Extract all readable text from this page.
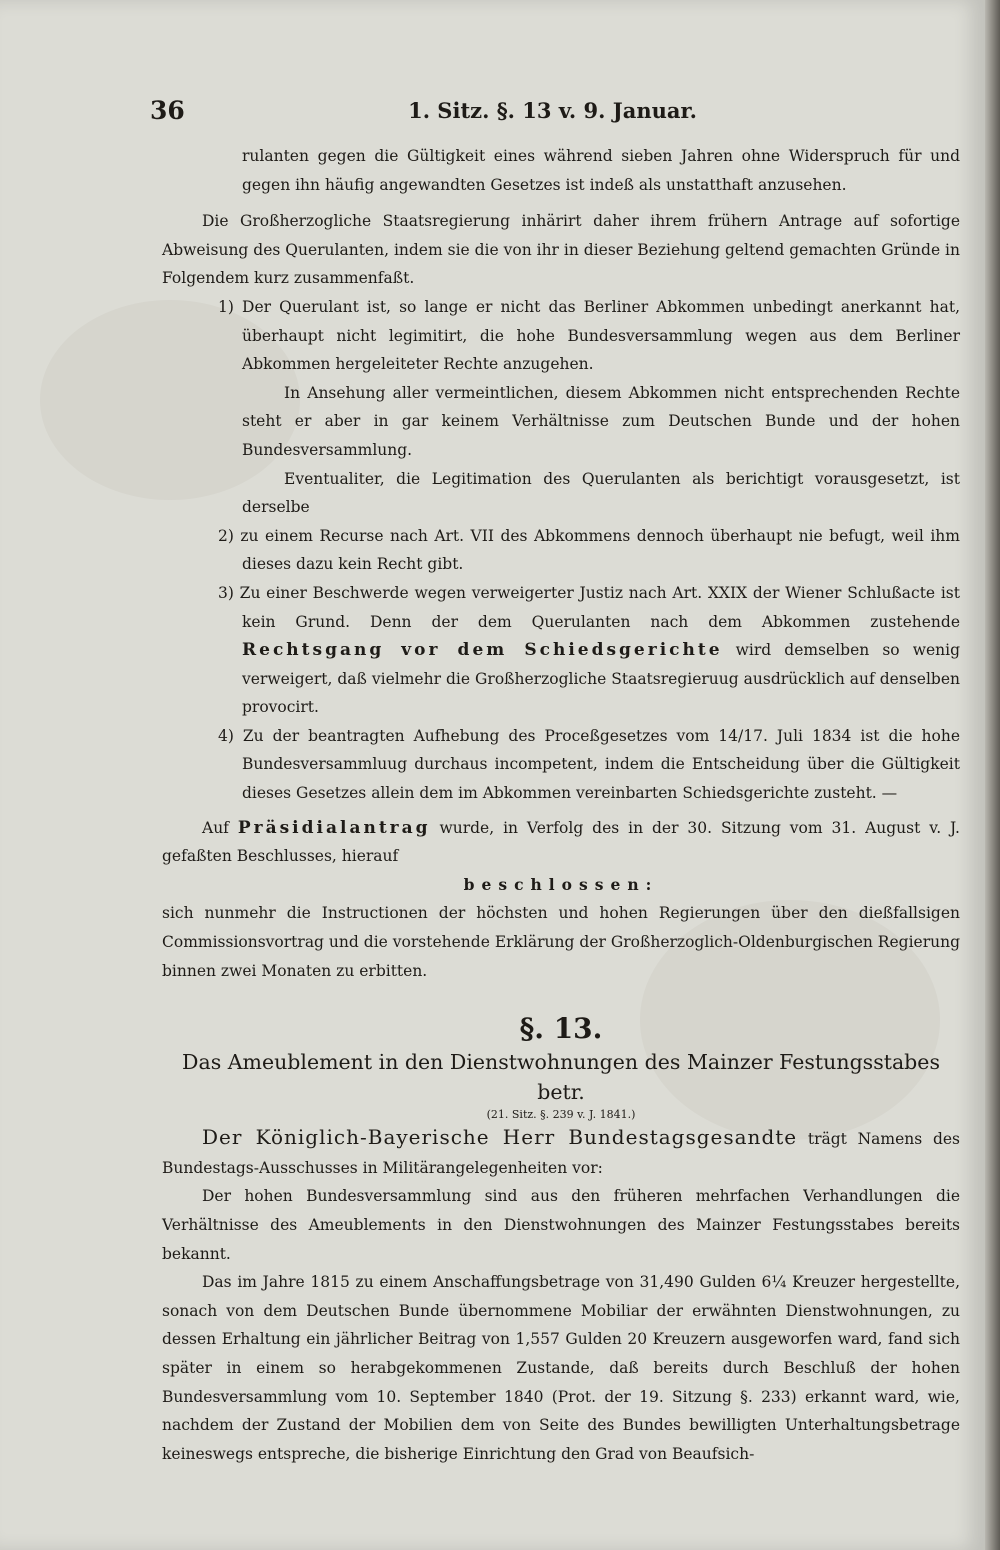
36	1. Sitz. §. 13 v. 9. Januar.

rulanten gegen die Gültigkeit eines während sieben Jahren ohne Widerspruch für und gegen ihn häufig angewandten Gesetzes ist indeß als unstatthaft anzusehen.

Die Großherzogliche Staatsregierung inhärirt daher ihrem frühern Antrage auf sofortige Abweisung des Querulanten, indem sie die von ihr in dieser Beziehung geltend gemachten Gründe in Folgendem kurz zusammenfaßt.

1) Der Querulant ist, so lange er nicht das Berliner Abkommen unbedingt anerkannt hat, überhaupt nicht legimitirt, die hohe Bundesversammlung wegen aus dem Berliner Abkommen hergeleiteter Rechte anzugehen.

In Ansehung aller vermeintlichen, diesem Abkommen nicht entsprechenden Rechte steht er aber in gar keinem Verhältnisse zum Deutschen Bunde und der hohen Bundesversammlung.

Eventualiter, die Legitimation des Querulanten als berichtigt vorausgesetzt, ist derselbe

2) zu einem Recurse nach Art. VII des Abkommens dennoch überhaupt nie befugt, weil ihm dieses dazu kein Recht gibt.

3) Zu einer Beschwerde wegen verweigerter Justiz nach Art. XXIX der Wiener Schlußacte ist kein Grund. Denn der dem Querulanten nach dem Abkommen zustehende Rechtsgang vor dem Schiedsgerichte wird demselben so wenig verweigert, daß vielmehr die Großherzogliche Staatsregieruug ausdrücklich auf denselben provocirt.

4) Zu der beantragten Aufhebung des Proceßgesetzes vom 14/17. Juli 1834 ist die hohe Bundesversammluug durchaus incompetent, indem die Entscheidung über die Gültigkeit dieses Gesetzes allein dem im Abkommen vereinbarten Schiedsgerichte zusteht. —

Auf Präsidialantrag wurde, in Verfolg des in der 30. Sitzung vom 31. August v. J. gefaßten Beschlusses, hierauf

beschlossen:

sich nunmehr die Instructionen der höchsten und hohen Regierungen über den dießfallsigen Commissionsvortrag und die vorstehende Erklärung der Großherzoglich-Oldenburgischen Regierung binnen zwei Monaten zu erbitten.

§. 13.
Das Ameublement in den Dienstwohnungen des Mainzer Festungsstabes betr.
(21. Sitz. §. 239 v. J. 1841.)

Der Königlich-Bayerische Herr Bundestagsgesandte trägt Namens des Bundestags-Ausschusses in Militärangelegenheiten vor:

Der hohen Bundesversammlung sind aus den früheren mehrfachen Verhandlungen die Verhältnisse des Ameublements in den Dienstwohnungen des Mainzer Festungsstabes bereits bekannt.

Das im Jahre 1815 zu einem Anschaffungsbetrage von 31,490 Gulden 6¼ Kreuzer hergestellte, sonach von dem Deutschen Bunde übernommene Mobiliar der erwähnten Dienstwohnungen, zu dessen Erhaltung ein jährlicher Beitrag von 1,557 Gulden 20 Kreuzern ausgeworfen ward, fand sich später in einem so herabgekommenen Zustande, daß bereits durch Beschluß der hohen Bundesversammlung vom 10. September 1840 (Prot. der 19. Sitzung §. 233) erkannt ward, wie, nachdem der Zustand der Mobilien dem von Seite des Bundes bewilligten Unterhaltungsbetrage keineswegs entspreche, die bisherige Einrichtung den Grad von Beaufsich-
